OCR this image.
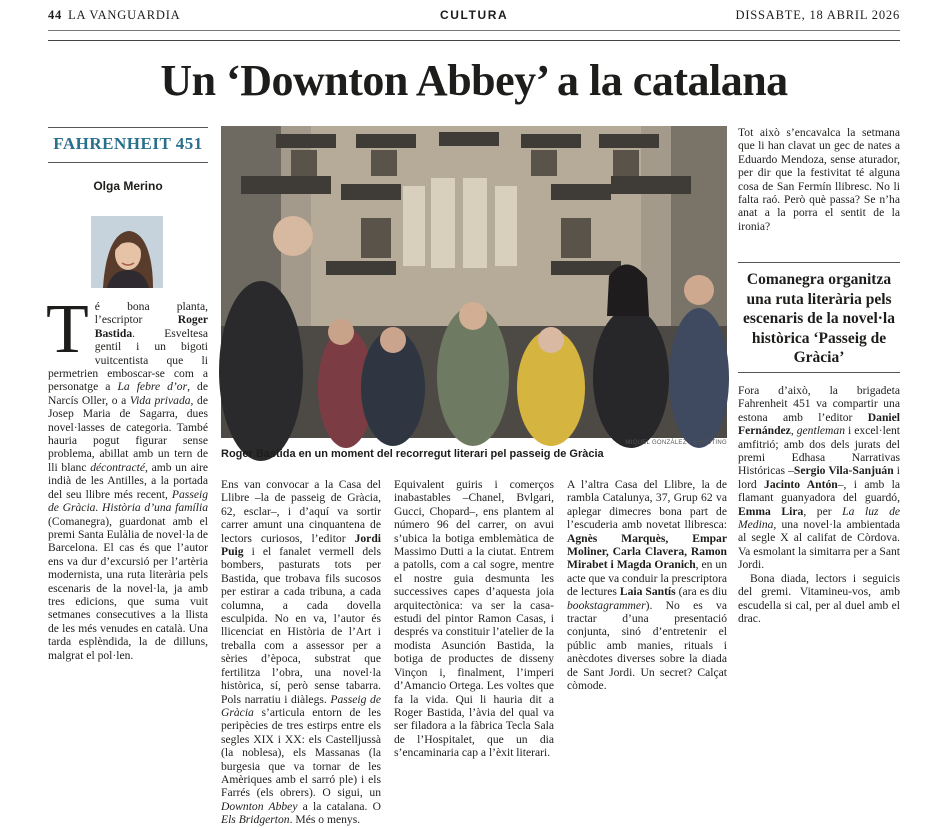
44 LA VANGUARDIA	CULTURA	DISSABTE, 18 ABRIL 2026
Un ‘Downton Abbey’ a la catalana
FAHRENHEIT 451
Olga Merino

Té bona planta, l’escriptor Roger Bastida. Esveltesa gentil i un bigoti vuitcentista que li permetrien emboscar-se com a personatge a La febre d’or, de Narcís Oller, o a Vida privada, de Josep Maria de Sagarra, dues novel·lasses de categoria. També hauria pogut figurar sense problema, abillat amb un tern de lli blanc décontracté, amb un aire indià de les Antilles, a la portada del seu llibre més recent, Passeig de Gràcia. Història d’una família (Comanegra), guardonat amb el premi Santa Eulàlia de novel·la de Barcelona. El cas és que l’autor ens va dur d’excursió per l’artèria modernista, una ruta literària pels escenaris de la novel·la, ja amb tres edicions, que suma vuit setmanes consecutives a la llista de les més venudes en català. Una tarda esplèndida, la de dilluns, malgrat el pol·len.

MIQUEL GONZÁLEZ / SHOOTING
Roger Bastida en un moment del recorregut literari pel passeig de Gràcia

Ens van convocar a la Casa del Llibre –la de passeig de Gràcia, 62, esclar–, i d’aquí va sortir carrer amunt una cinquantena de lectors curiosos, l’editor Jordi Puig i el fanalet vermell dels bombers, pasturats tots per Bastida, que trobava fils sucosos per estirar a cada tribuna, a cada columna, a cada dovella esculpida. No en va, l’autor és llicenciat en Història de l’Art i treballa com a assessor per a sèries d’època, substrat que fertilitza l’obra, una novel·la històrica, sí, però sense tabarra. Pols narratiu i diàlegs. Passeig de Gràcia s’articula entorn de les peripècies de tres estirps entre els segles XIX i XX: els Castelljussà (la noblesa), els Massanas (la burgesia que va tornar de les Amèriques amb el sarró ple) i els Farrés (els obrers). O sigui, un Downton Abbey a la catalana. O Els Bridgerton. Més o menys.

Equivalent guiris i comerços inabastables –Chanel, Bvlgari, Gucci, Chopard–, ens plantem al número 96 del carrer, on avui s’ubica la botiga emblemàtica de Massimo Dutti a la ciutat. Entrem a patolls, com a cal sogre, mentre el nostre guia desmunta les successives capes d’aquesta joia arquitectònica: va ser la casa-estudi del pintor Ramon Casas, i després va constituir l’atelier de la modista Asunción Bastida, la botiga de productes de disseny Vinçon i, finalment, l’imperi d’Amancio Ortega. Les voltes que fa la vida. Qui li hauria dit a Roger Bastida, l’àvia del qual va ser filadora a la fàbrica Tecla Sala de l’Hospitalet, que un dia s’encaminaria cap a l’èxit literari.

A l’altra Casa del Llibre, la de rambla Catalunya, 37, Grup 62 va aplegar dimecres bona part de l’escuderia amb novetat llibresca: Agnès Marquès, Empar Moliner, Carla Clavera, Ramon Mirabet i Magda Oranich, en un acte que va conduir la prescriptora de lectures Laia Santís (ara es diu bookstagrammer). No es va tractar d’una presentació conjunta, sinó d’entretenir el públic amb manies, rituals i anècdotes diverses sobre la diada de Sant Jordi. Un secret? Calçat còmode.

Tot això s’encavalca la setmana que li han clavat un gec de nates a Eduardo Mendoza, sense aturador, per dir que la festivitat té alguna cosa de San Fermín llibresc. No li falta raó. Però què passa? Se n’ha anat a la porra el sentit de la ironia?

Comanegra organitza una ruta literària pels escenaris de la novel·la històrica ‘Passeig de Gràcia’

Fora d’això, la brigadeta Fahrenheit 451 va compartir una estona amb l’editor Daniel Fernández, gentleman i excel·lent amfitrió; amb dos dels jurats del premi Edhasa Narrativas Históricas –Sergio Vila-Sanjuán i lord Jacinto Antón–, i amb la flamant guanyadora del guardó, Emma Lira, per La luz de Medina, una novel·la ambientada al segle X al califat de Còrdova. Va esmolant la simitarra per a Sant Jordi.

Bona diada, lectors i seguicis del gremi. Vitamineu-vos, amb escudella si cal, per al duel amb el drac.
